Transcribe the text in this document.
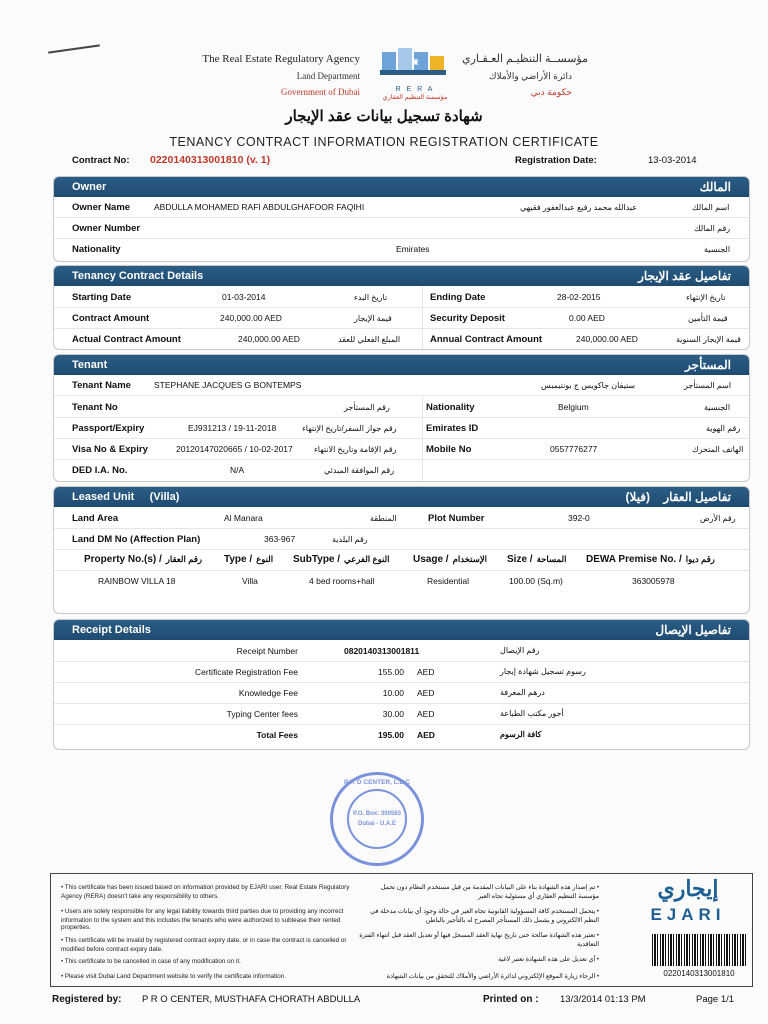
The Real Estate Regulatory Agency
Land Department
Government of Dubai
▣
R E R A
مؤسسة التنظيم العقاري
مؤسســة التنظيـم العـقـاري
دائرة الأراضي والأملاك
حكومة دبي
شهادة تسجيل بيانات عقد الإيجار
TENANCY CONTRACT INFORMATION REGISTRATION CERTIFICATE
Contract No: 0220140313001810 (v. 1)	Registration Date:	13-03-2014
Owner	المالك
Owner Name	ABDULLA MOHAMED RAFI ABDULGHAFOOR FAQIHI	عبدالله محمد رفيع عبدالغفور فقيهي	اسم المالك
Owner Number	رقم المالك
Nationality	Emirates	الجنسية
Tenancy Contract Details	تفاصيل عقد الإيجار
Starting Date	01-03-2014	تاريخ البدء	Ending Date	28-02-2015	تاريخ الإنتهاء
Contract Amount	240,000.00 AED	قيمة الإيجار	Security Deposit	0.00 AED	قيمة التأمين
Actual Contract Amount	240,000.00 AED	المبلغ الفعلي للعقد	Annual Contract Amount	240,000.00 AED	قيمة الإيجار السنوية
Tenant	المستأجر
Tenant Name	STEPHANE JACQUES G BONTEMPS	ستيفان جاكويس ج بونتيمبس	اسم المستأجر
Tenant No	رقم المستأجر	Nationality	Belgium	الجنسية
Passport/Expiry	EJ931213 / 19-11-2018	رقم جواز السفر/تاريخ الإنتهاء	Emirates ID	رقم الهوية
Visa No & Expiry	20120147020665 / 10-02-2017	رقم الإقامة وتاريخ الانتهاء	Mobile No	0557776277	الهاتف المتحرك
DED I.A. No.	N/A	رقم الموافقة المبدئي
Leased Unit (Villa)	تفاصيل العقار    (فيلا)
Land Area	Al Manara	المنطقة	Plot Number	392-0	رقم الأرض
Land DM No (Affection Plan)	363-967	رقم البلدية
Property No.(s) / رقم العقار Type / النوع SubType / النوع الفرعي Usage / الإستخدام Size / المساحة DEWA Premise No. / رقم ديوا
RAINBOW VILLA 18	Villa	4 bed rooms+hall	Residential	100.00 (Sq.m)	363005978
Receipt Details	تفاصيل الإيصال
Receipt Number	0820140313001811	رقم الإيصال
Certificate Registration Fee	155.00 AED	رسوم تسجيل شهادة إيجار
Knowledge Fee	10.00 AED	درهم المعرفة
Typing Center fees	30.00 AED	أجور مكتب الطباعة
Total Fees	195.00 AED	كافة الرسوم
P R O CENTER, L.L.C
P.O. Box: 300593
Dubai - U.A.E
• This certificate has been issued based on information provided by EJARI user. Real Estate Regulatory Agency (RERA) doesn't take any responsibility to others.
• Users are solely responsible for any legal liability towards third parties due to providing any incorrect information to the system and this includes the tenants who were authorized to sublease their rented properties.
• This certificate will be invalid by registered contract expiry date, or in case the contract is cancelled or modified before contract expiry date.
• This certificate to be cancelled in case of any modification on it.
• Please visit Dubai Land Department website to verify the certificate information.
• تم إصدار هذه الشهادة بناء على البيانات المقدمة من قبل مستخدم النظام دون تحمل مؤسسة التنظيم العقاري أي مسئولية تجاه الغير
• يتحمل المستخدم كافة المسؤولية القانونية تجاه الغير في حالة وجود أي بيانات مدخلة في النظم الالكتروني و يشمل ذلك المستأجر المصرح له بالتأجير بالباطن
• تعتبر هذه الشهادة صالحة حتى تاريخ نهاية العقد المسجل فيها أو تعديل العقد قبل انتهاء الفترة التعاقدية
• أي تعديل على هذه الشهادة تعتبر لاغية
• الرجاء زيارة الموقع الإلكتروني لدائرة الأراضي والأملاك للتحقق من بيانات الشهادة
إيجاري
EJARI
0220140313001810
Registered by: P R O CENTER, MUSTHAFA CHORATH ABDULLA	Printed on : 13/3/2014 01:13 PM	Page 1/1
